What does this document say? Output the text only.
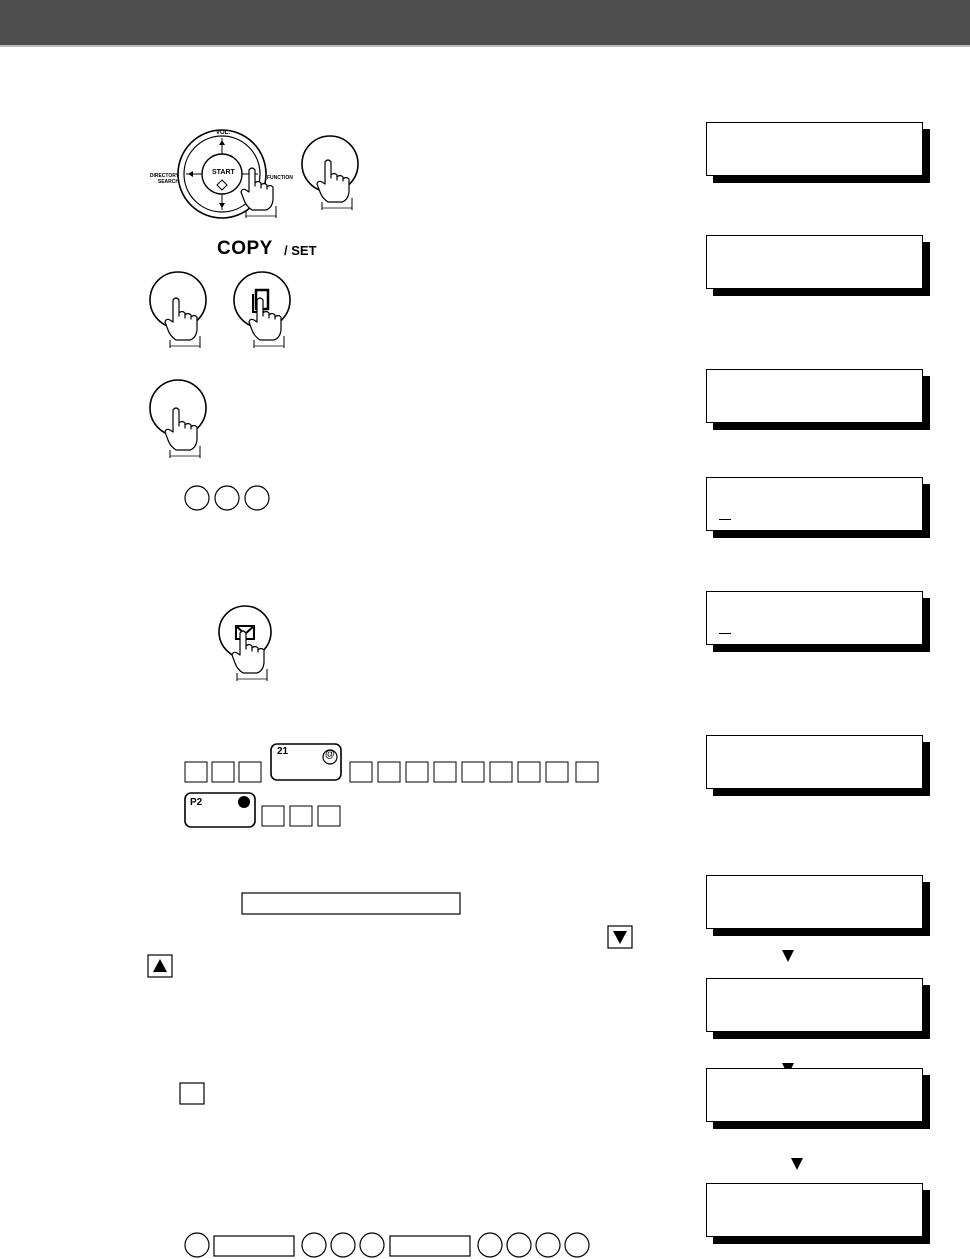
COPY / SET
VOL.
DIRECTORY SEARCH
FUNCTION
START
21	@
P2
